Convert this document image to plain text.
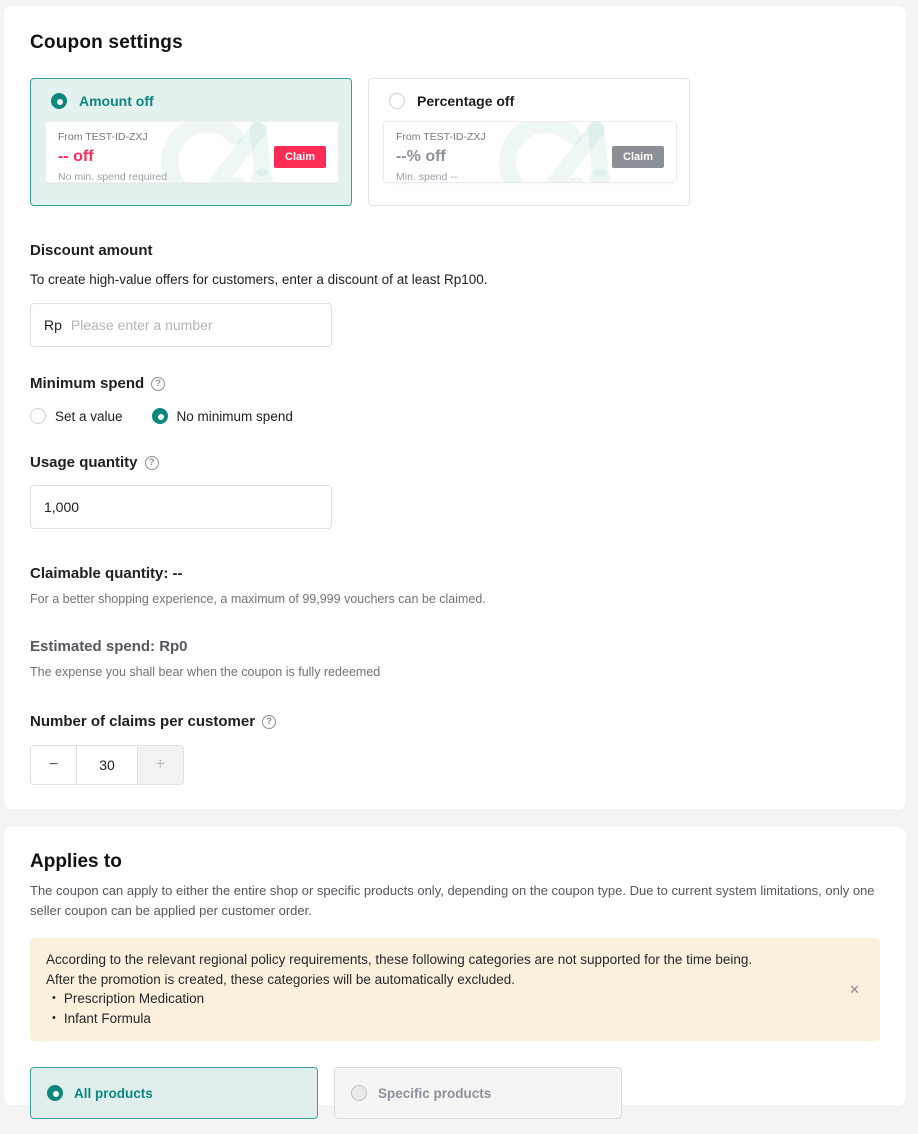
Coupon settings
Amount off
From TEST-ID-ZXJ
-- off	Claim
No min. spend required
Percentage off
From TEST-ID-ZXJ
--% off	Claim
Min. spend --
Discount amount
To create high-value offers for customers, enter a discount of at least Rp100.
Rp
Please enter a number
Minimum spend	?
Set a value	No minimum spend
Usage quantity	?
1,000
Claimable quantity: --
For a better shopping experience, a maximum of 99,999 vouchers can be claimed.
Estimated spend: Rp0
The expense you shall bear when the coupon is fully redeemed
Number of claims per customer	?
−	30	+
Applies to
The coupon can apply to either the entire shop or specific products only, depending on the coupon type. Due to current system limitations, only one seller coupon can be applied per customer order.
According to the relevant regional policy requirements, these following categories are not supported for the time being.
After the promotion is created, these categories will be automatically excluded.
• Prescription Medication
• Infant Formula
✕
All products	Specific products
